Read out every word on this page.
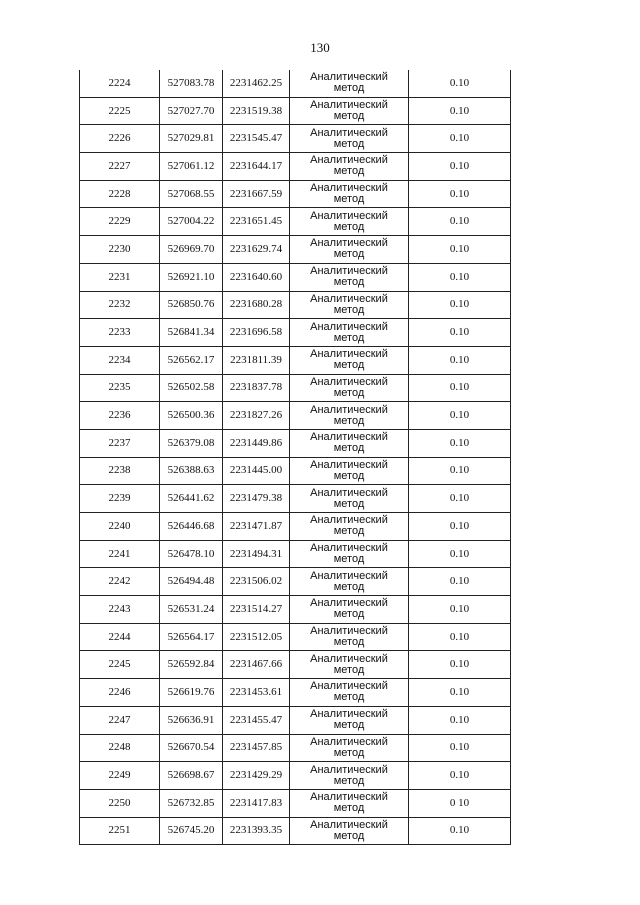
130
2224	527083.78	2231462.25	Аналитический
метод	0.10
2225	527027.70	2231519.38	Аналитический
метод	0.10
2226	527029.81	2231545.47	Аналитический
метод	0.10
2227	527061.12	2231644.17	Аналитический
метод	0.10
2228	527068.55	2231667.59	Аналитический
метод	0.10
2229	527004.22	2231651.45	Аналитический
метод	0.10
2230	526969.70	2231629.74	Аналитический
метод	0.10
2231	526921.10	2231640.60	Аналитический
метод	0.10
2232	526850.76	2231680.28	Аналитический
метод	0.10
2233	526841.34	2231696.58	Аналитический
метод	0.10
2234	526562.17	2231811.39	Аналитический
метод	0.10
2235	526502.58	2231837.78	Аналитический
метод	0.10
2236	526500.36	2231827.26	Аналитический
метод	0.10
2237	526379.08	2231449.86	Аналитический
метод	0.10
2238	526388.63	2231445.00	Аналитический
метод	0.10
2239	526441.62	2231479.38	Аналитический
метод	0.10
2240	526446.68	2231471.87	Аналитический
метод	0.10
2241	526478.10	2231494.31	Аналитический
метод	0.10
2242	526494.48	2231506.02	Аналитический
метод	0.10
2243	526531.24	2231514.27	Аналитический
метод	0.10
2244	526564.17	2231512.05	Аналитический
метод	0.10
2245	526592.84	2231467.66	Аналитический
метод	0.10
2246	526619.76	2231453.61	Аналитический
метод	0.10
2247	526636.91	2231455.47	Аналитический
метод	0.10
2248	526670.54	2231457.85	Аналитический
метод	0.10
2249	526698.67	2231429.29	Аналитический
метод	0.10
2250	526732.85	2231417.83	Аналитический
метод	0 10
2251	526745.20	2231393.35	Аналитический
метод	0.10
